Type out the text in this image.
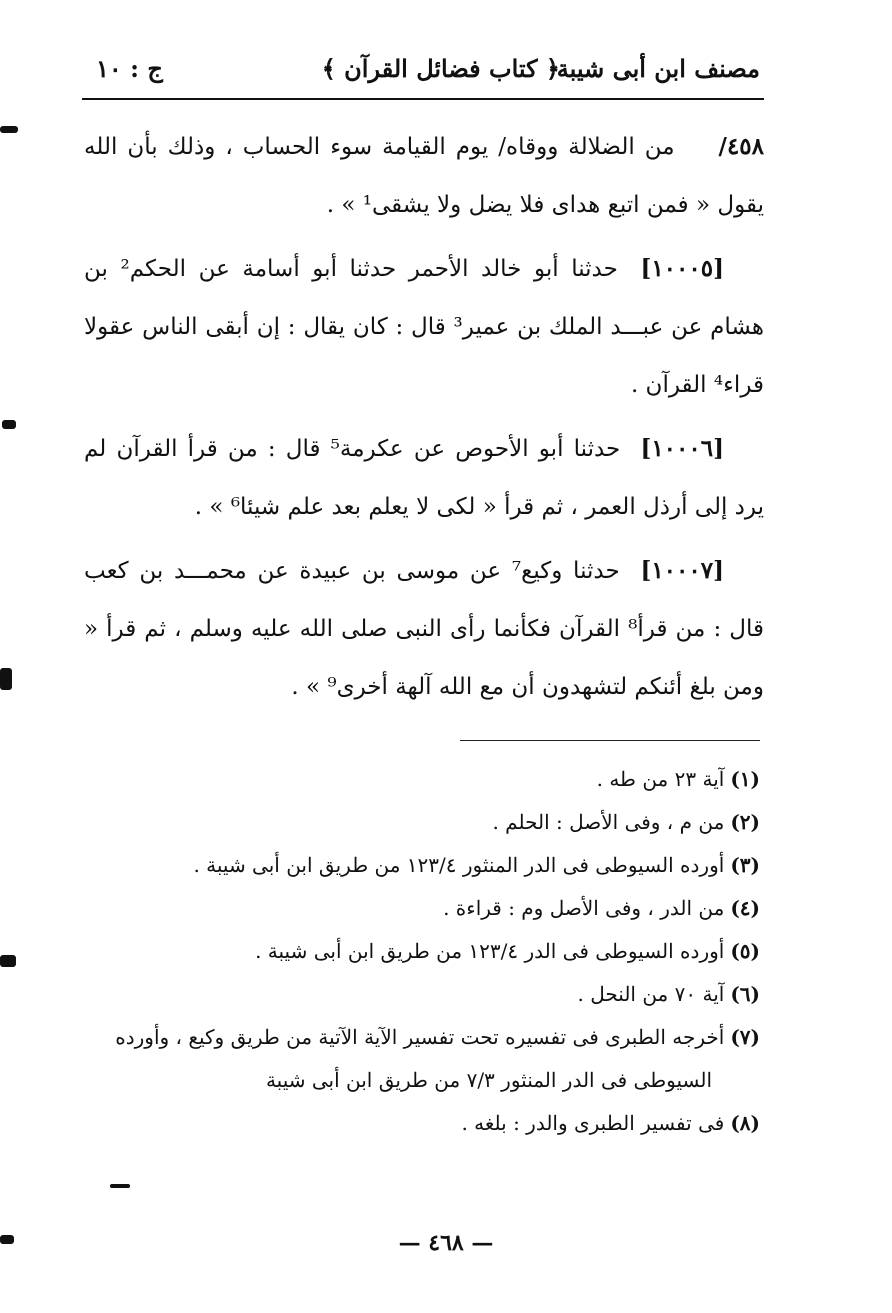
مصنف ابن أبى شيبة
﴿ كتاب فضائل القرآن ﴾
ج : ١٠

٤٥٨/ من الضلالة ووقاه/ يوم القيامة سوء الحساب ، وذلك بأن الله يقول « فمن اتبع هداى فلا يضل ولا يشقى¹ » .

[١٠٠٠٥] حدثنا أبو خالد الأحمر حدثنا أبو أسامة عن الحكم² بن هشام عن عبـــد الملك بن عمير³ قال : كان يقال : إن أبقى الناس عقولا قراء⁴ القرآن .

[١٠٠٠٦] حدثنا أبو الأحوص عن عكرمة⁵ قال : من قرأ القرآن لم يرد إلى أرذل العمر ، ثم قرأ « لكى لا يعلم بعد علم شيئا⁶ » .

[١٠٠٠٧] حدثنا وكيع⁷ عن موسى بن عبيدة عن محمـــد بن كعب قال : من قرأ⁸ القرآن فكأنما رأى النبى صلى الله عليه وسلم ، ثم قرأ « ومن بلغ أئنكم لتشهدون أن مع الله آلهة أخرى⁹ » .

(١)آية ٢٣ من طه .

(٢)من م ، وفى الأصل : الحلم .

(٣)أورده السيوطى فى الدر المنثور ١٢٣/٤ من طريق ابن أبى شيبة .

(٤)من الدر ، وفى الأصل وم : قراءة .

(٥)أورده السيوطى فى الدر ١٢٣/٤ من طريق ابن أبى شيبة .

(٦)آية ٧٠ من النحل .

(٧)أخرجه الطبرى فى تفسيره تحت تفسير الآية الآتية من طريق وكيع ، وأورده

السيوطى فى الدر المنثور ٧/٣ من طريق ابن أبى شيبة

(٨)فى تفسير الطبرى والدر : بلغه .

— ٤٦٨ —
